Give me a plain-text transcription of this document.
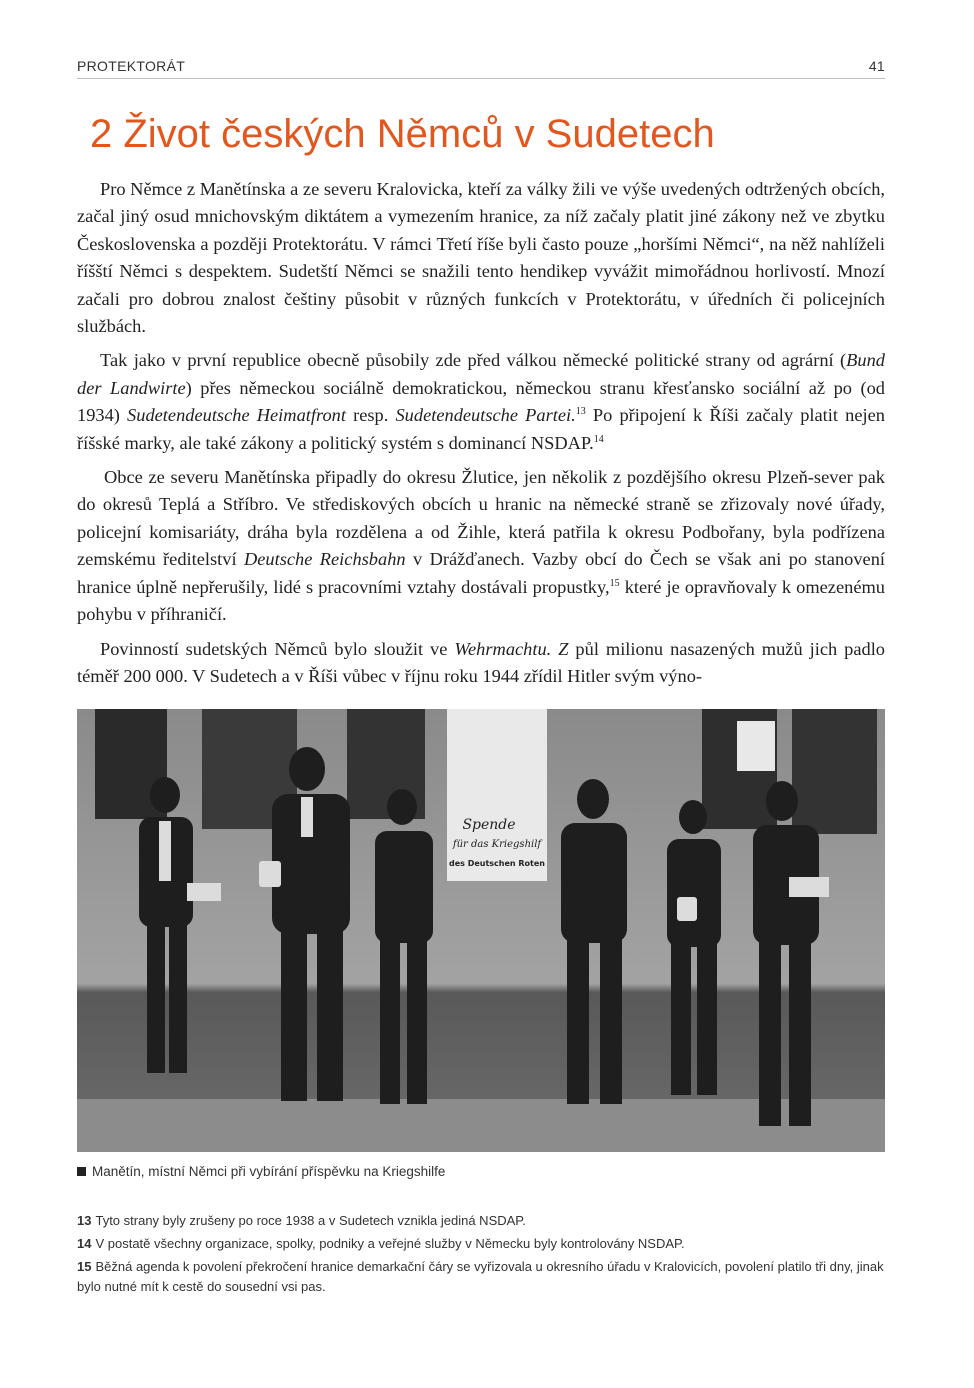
PROTEKTORÁT	41
2 Život českých Němců v Sudetech

Pro Němce z Manětínska a ze severu Kralovicka, kteří za války žili ve výše uvedených odtržených obcích, začal jiný osud mnichovským diktátem a vymezením hranice, za níž začaly platit jiné zákony než ve zbytku Československa a později Protektorátu. V rámci Třetí říše byli často pouze „horšími Němci“, na něž nahlíželi říšští Němci s despektem. Sudetští Němci se snažili tento hendikep vyvážit mimořádnou horlivostí. Mnozí začali pro dobrou znalost češtiny působit v různých funkcích v Protektorátu, v úředních či policejních službách.

Tak jako v první republice obecně působily zde před válkou německé politické strany od agrární (Bund der Landwirte) přes německou sociálně demokratickou, německou stranu křesťansko sociální až po (od 1934) Sudetendeutsche Heimatfront resp. Sudetendeutsche Partei.$^{13}$ Po připojení k Říši začaly platit nejen říšské marky, ale také zákony a politický systém s dominancí NSDAP.$^{14}$

Obce ze severu Manětínska připadly do okresu Žlutice, jen několik z pozdějšího okresu Plzeň-sever pak do okresů Teplá a Stříbro. Ve střediskových obcích u hranic na německé straně se zřizovaly nové úřady, policejní komisariáty, dráha byla rozdělena a od Žihle, která patřila k okresu Podbořany, byla podřízena zemskému ředitelství Deutsche Reichsbahn v Drážďanech. Vazby obcí do Čech se však ani po stanovení hranice úplně nepřerušily, lidé s pracovními vztahy dostávali propustky,$^{15}$ které je opravňovaly k omezenému pohybu v příhraničí.

Povinností sudetských Němců bylo sloužit ve Wehrmachtu. Z půl milionu nasazených mužů jich padlo téměř 200 000. V Sudetech a v Říši vůbec v říjnu roku 1944 zřídil Hitler svým výno-

Spende
für das Kriegshilf
des Deutschen Roten
Manětín, místní Němci při vybírání příspěvku na Kriegshilfe
13 Tyto strany byly zrušeny po roce 1938 a v Sudetech vznikla jediná NSDAP.
14 V postatě všechny organizace, spolky, podniky a veřejné služby v Německu byly kontrolovány NSDAP.
15 Běžná agenda k povolení překročení hranice demarkační čáry se vyřizovala u okresního úřadu v Kralovicích, povolení platilo tři dny, jinak bylo nutné mít k cestě do sousední vsi pas.
